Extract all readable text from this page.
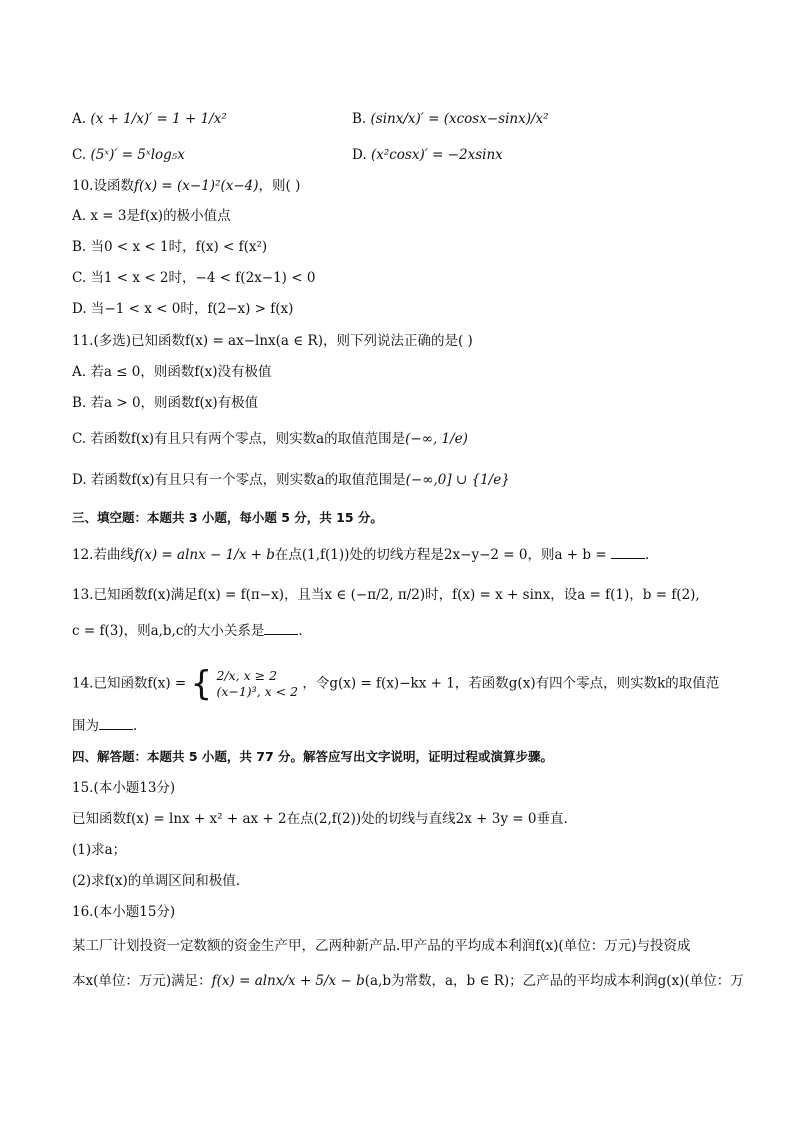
A. (x + 1/x)′ = 1 + 1/x²	B. (sinx/x)′ = (xcosx−sinx)/x²
C. (5ˣ)′ = 5ˣlog₅x	D. (x²cosx)′ = −2xsinx
10.设函数f(x) = (x−1)²(x−4)，则( )
A. x = 3是f(x)的极小值点
B. 当0 < x < 1时，f(x) < f(x²)
C. 当1 < x < 2时，−4 < f(2x−1) < 0
D. 当−1 < x < 0时，f(2−x) > f(x)
11.(多选)已知函数f(x) = ax−lnx(a ∈ R)，则下列说法正确的是( )
A. 若a ≤ 0，则函数f(x)没有极值
B. 若a > 0，则函数f(x)有极值
C. 若函数f(x)有且只有两个零点，则实数a的取值范围是(−∞, 1/e)
D. 若函数f(x)有且只有一个零点，则实数a的取值范围是(−∞,0] ∪ {1/e}
三、填空题：本题共 3 小题，每小题 5 分，共 15 分。
12.若曲线f(x) = alnx − 1/x + b在点(1,f(1))处的切线方程是2x−y−2 = 0，则a + b =	.
13.已知函数f(x)满足f(x) = f(π−x)，且当x ∈ (−π/2, π/2)时，f(x) = x + sinx，设a = f(1)，b = f(2),
c = f(3)，则a,b,c的大小关系是	.
14.已知函数f(x) = { 2/x, x ≥ 2
(x−1)³, x < 2 ，令g(x) = f(x)−kx + 1，若函数g(x)有四个零点，则实数k的取值范
围为	.
四、解答题：本题共 5 小题，共 77 分。解答应写出文字说明，证明过程或演算步骤。
15.(本小题13分)
已知函数f(x) = lnx + x² + ax + 2在点(2,f(2))处的切线与直线2x + 3y = 0垂直.
(1)求a；
(2)求f(x)的单调区间和极值.
16.(本小题15分)
某工厂计划投资一定数额的资金生产甲，乙两种新产品.甲产品的平均成本利润f(x)(单位：万元)与投资成
本x(单位：万元)满足：f(x) = alnx/x + 5/x − b(a,b为常数，a，b ∈ R)；乙产品的平均成本利润g(x)(单位：万
